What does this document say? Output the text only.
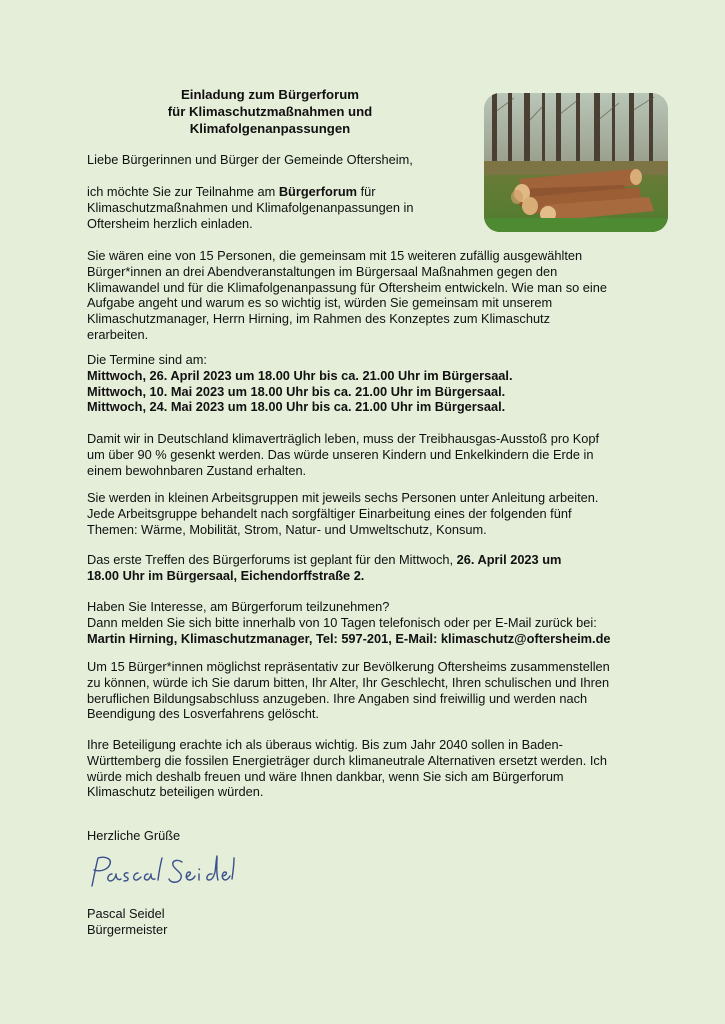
Einladung zum Bürgerforum
für Klimaschutzmaßnahmen und
Klimafolgenanpassungen

Liebe Bürgerinnen und Bürger der Gemeinde Oftersheim,

ich möchte Sie zur Teilnahme am Bürgerforum für
Klimaschutzmaßnahmen und Klimafolgenanpassungen in
Oftersheim herzlich einladen.

Sie wären eine von 15 Personen, die gemeinsam mit 15 weiteren zufällig ausgewählten
Bürger*innen an drei Abendveranstaltungen im Bürgersaal Maßnahmen gegen den
Klimawandel und für die Klimafolgenanpassung für Oftersheim entwickeln. Wie man so eine
Aufgabe angeht und warum es so wichtig ist, würden Sie gemeinsam mit unserem
Klimaschutzmanager, Herrn Hirning, im Rahmen des Konzeptes zum Klimaschutz
erarbeiten.

Die Termine sind am:
Mittwoch, 26. April 2023 um 18.00 Uhr bis ca. 21.00 Uhr im Bürgersaal.
Mittwoch, 10. Mai 2023 um 18.00 Uhr bis ca. 21.00 Uhr im Bürgersaal.
Mittwoch, 24. Mai 2023 um 18.00 Uhr bis ca. 21.00 Uhr im Bürgersaal.

Damit wir in Deutschland klimaverträglich leben, muss der Treibhausgas-Ausstoß pro Kopf
um über 90 % gesenkt werden. Das würde unseren Kindern und Enkelkindern die Erde in
einem bewohnbaren Zustand erhalten.

Sie werden in kleinen Arbeitsgruppen mit jeweils sechs Personen unter Anleitung arbeiten.
Jede Arbeitsgruppe behandelt nach sorgfältiger Einarbeitung eines der folgenden fünf
Themen: Wärme, Mobilität, Strom, Natur- und Umweltschutz, Konsum.

Das erste Treffen des Bürgerforums ist geplant für den Mittwoch, 26. April 2023 um
18.00 Uhr im Bürgersaal, Eichendorffstraße 2.

Haben Sie Interesse, am Bürgerforum teilzunehmen?
Dann melden Sie sich bitte innerhalb von 10 Tagen telefonisch oder per E-Mail zurück bei:
Martin Hirning, Klimaschutzmanager, Tel: 597-201, E-Mail: klimaschutz@oftersheim.de

Um 15 Bürger*innen möglichst repräsentativ zur Bevölkerung Oftersheims zusammenstellen
zu können, würde ich Sie darum bitten, Ihr Alter, Ihr Geschlecht, Ihren schulischen und Ihren
beruflichen Bildungsabschluss anzugeben. Ihre Angaben sind freiwillig und werden nach
Beendigung des Losverfahrens gelöscht.

Ihre Beteiligung erachte ich als überaus wichtig. Bis zum Jahr 2040 sollen in Baden-
Württemberg die fossilen Energieträger durch klimaneutrale Alternativen ersetzt werden. Ich
würde mich deshalb freuen und wäre Ihnen dankbar, wenn Sie sich am Bürgerforum
Klimaschutz beteiligen würden.

Herzliche Grüße

Pascal Seidel
Bürgermeister
